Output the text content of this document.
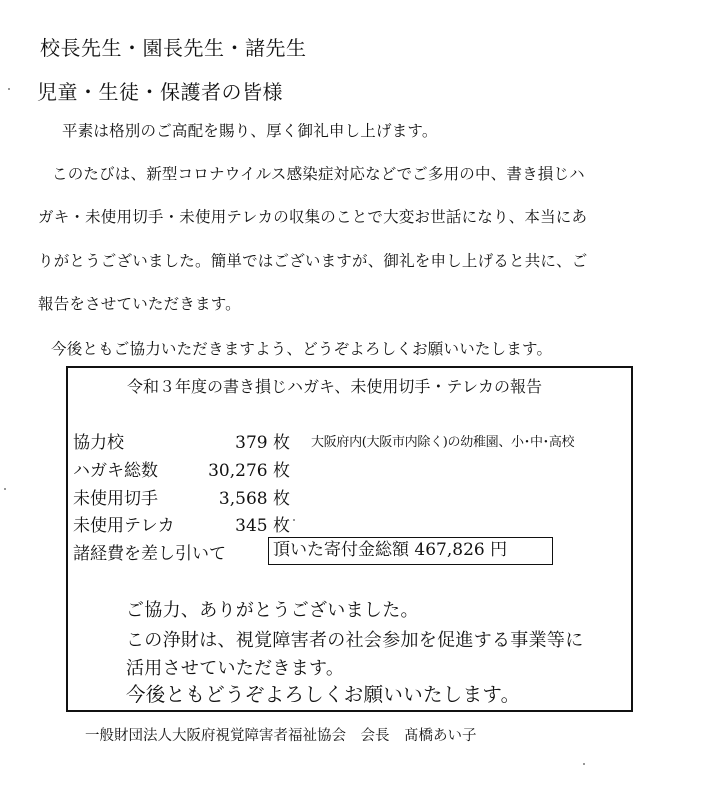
校長先生・園長先生・諸先生
児童・生徒・保護者の皆様
平素は格別のご高配を賜り、厚く御礼申し上げます。
このたびは、新型コロナウイルス感染症対応などでご多用の中、書き損じハ
ガキ・未使用切手・未使用テレカの収集のことで大変お世話になり、本当にあ
りがとうございました。簡単ではございますが、御礼を申し上げると共に、ご
報告をさせていただきます。
今後ともご協力いただきますよう、どうぞよろしくお願いいたします。
令和３年度の書き損じハガキ、未使用切手・テレカの報告
協力校	379 枚 大阪府内(大阪市内除く)の幼稚園、小･中･高校
ハガキ総数	30,276 枚
未使用切手	3,568 枚
未使用テレカ	345 枚
諸経費を差し引いて	頂いた寄付金総額 467,826 円
ご協力、ありがとうございました。
この浄財は、視覚障害者の社会参加を促進する事業等に
活用させていただきます。
今後ともどうぞよろしくお願いいたします。
一般財団法人大阪府視覚障害者福祉協会　会長　髙橋あい子
